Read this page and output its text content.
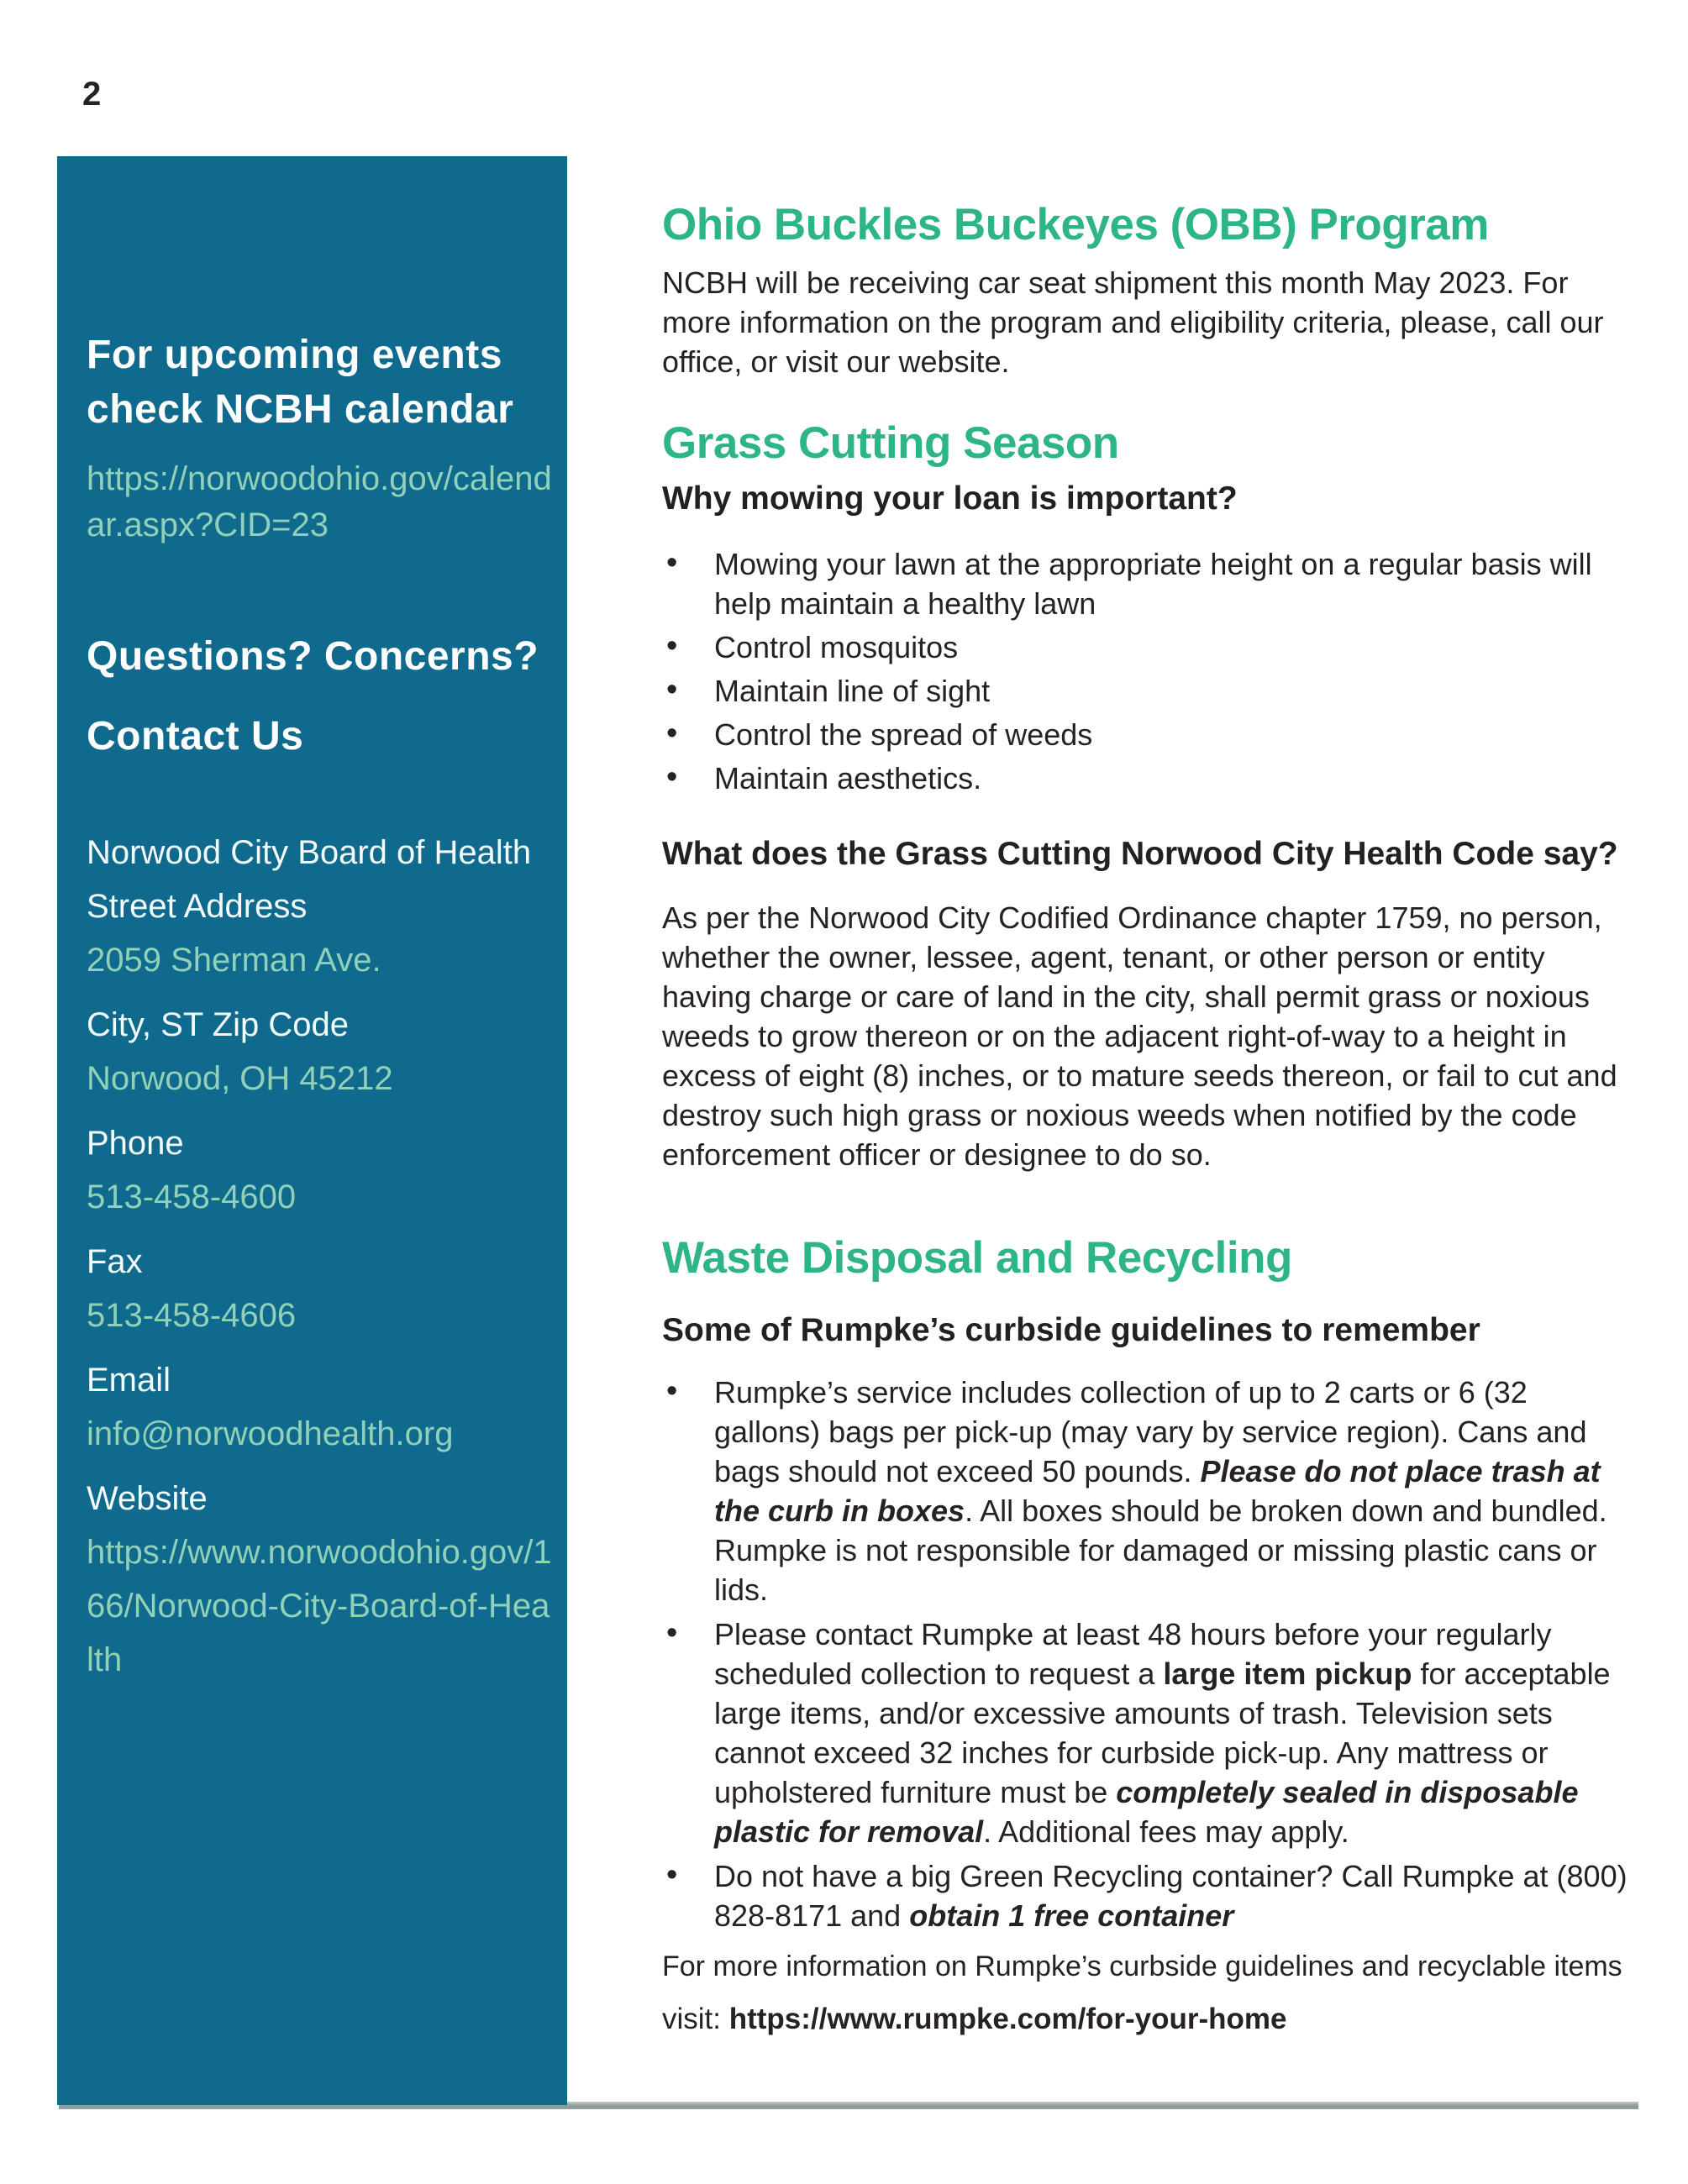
2
For upcoming events check NCBH calendar
https://norwoodohio.gov/calendar.aspx?CID=23
Questions? Concerns?
Contact Us

Norwood City Board of Health

Street Address

2059 Sherman Ave.

City, ST Zip Code

Norwood, OH 45212

Phone

513-458-4600

Fax

513-458-4606

Email

info@norwoodhealth.org

Website

https://www.norwoodohio.gov/166/Norwood-City-Board-of-Health
Ohio Buckles Buckeyes (OBB) Program

NCBH will be receiving car seat shipment this month May 2023. For more information on the program and eligibility criteria, please, call our office, or visit our website.

Grass Cutting Season

Why mowing your loan is important?

• Mowing your lawn at the appropriate height on a regular basis will help maintain a healthy lawn
• Control mosquitos
• Maintain line of sight
• Control the spread of weeds
• Maintain aesthetics.

What does the Grass Cutting Norwood City Health Code say?

As per the Norwood City Codified Ordinance chapter 1759, no person, whether the owner, lessee, agent, tenant, or other person or entity having charge or care of land in the city, shall permit grass or noxious weeds to grow thereon or on the adjacent right-of-way to a height in excess of eight (8) inches, or to mature seeds thereon, or fail to cut and destroy such high grass or noxious weeds when notified by the code enforcement officer or designee to do so.

Waste Disposal and Recycling

Some of Rumpke’s curbside guidelines to remember

• Rumpke’s service includes collection of up to 2 carts or 6 (32 gallons) bags per pick-up (may vary by service region). Cans and bags should not exceed 50 pounds. Please do not place trash at the curb in boxes. All boxes should be broken down and bundled. Rumpke is not responsible for damaged or missing plastic cans or lids.
• Please contact Rumpke at least 48 hours before your regularly scheduled collection to request a large item pickup for acceptable large items, and/or excessive amounts of trash. Television sets cannot exceed 32 inches for curbside pick-up. Any mattress or upholstered furniture must be completely sealed in disposable plastic for removal. Additional fees may apply.
• Do not have a big Green Recycling container? Call Rumpke at (800) 828-8171 and obtain 1 free container

For more information on Rumpke’s curbside guidelines and recyclable items

visit: https://www.rumpke.com/for-your-home
